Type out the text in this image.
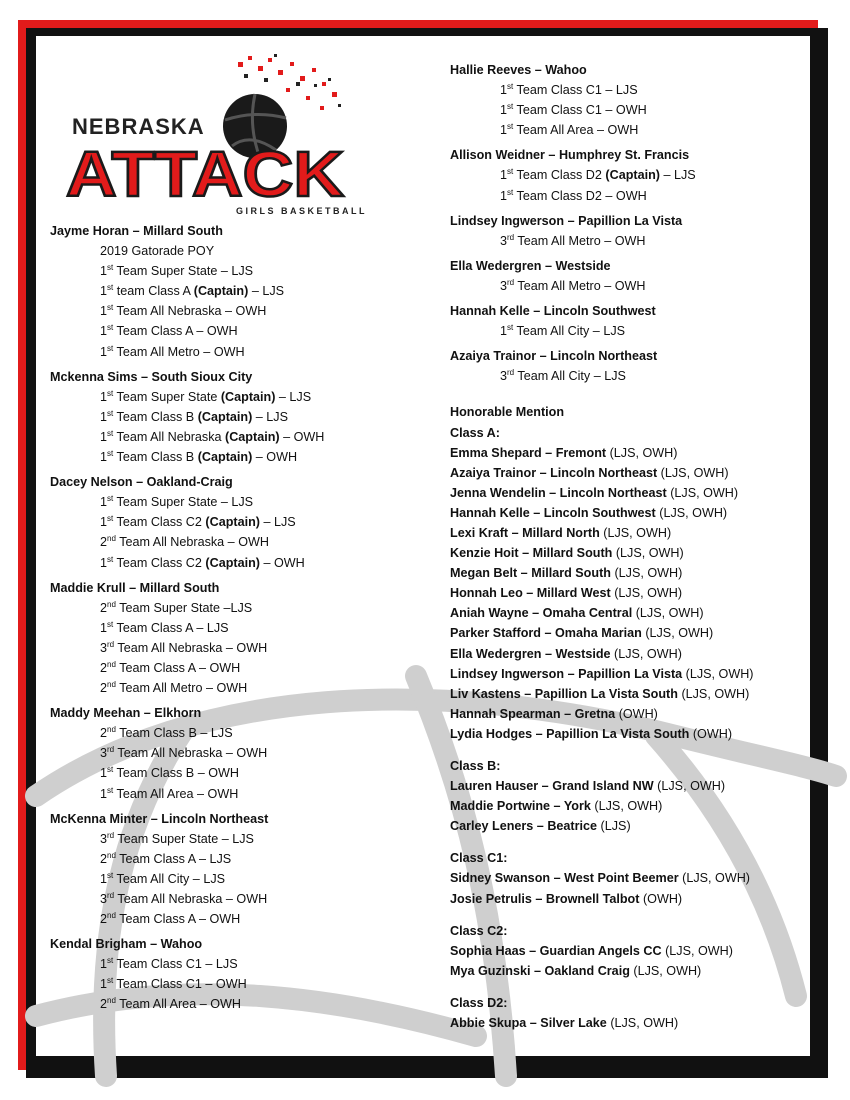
NEBRASKA
ATTACK
GIRLS BASKETBALL
Jayme Horan – Millard South
2019 Gatorade POY
1st Team Super State – LJS
1st team Class A (Captain) – LJS
1st Team All Nebraska – OWH
1st Team Class A – OWH
1st Team All Metro – OWH
Mckenna Sims – South Sioux City
1st Team Super State (Captain) – LJS
1st Team Class B (Captain) – LJS
1st Team All Nebraska (Captain) – OWH
1st Team Class B (Captain) – OWH
Dacey Nelson – Oakland-Craig
1st Team Super State – LJS
1st Team Class C2 (Captain) – LJS
2nd Team All Nebraska – OWH
1st Team Class C2 (Captain) – OWH
Maddie Krull – Millard South
2nd Team Super State –LJS
1st Team Class A – LJS
3rd Team All Nebraska – OWH
2nd Team Class A – OWH
2nd Team All Metro – OWH
Maddy Meehan – Elkhorn
2nd Team Class B – LJS
3rd Team All Nebraska – OWH
1st Team Class B – OWH
1st Team All Area – OWH
McKenna Minter – Lincoln Northeast
3rd Team Super State – LJS
2nd Team Class A – LJS
1st Team All City – LJS
3rd Team All Nebraska – OWH
2nd Team Class A – OWH
Kendal Brigham – Wahoo
1st Team Class C1 – LJS
1st Team Class C1 – OWH
2nd Team All Area – OWH
Hallie Reeves – Wahoo
1st Team Class C1 – LJS
1st Team Class C1 – OWH
1st Team All Area – OWH
Allison Weidner – Humphrey St. Francis
1st Team Class D2 (Captain) – LJS
1st Team Class D2 – OWH
Lindsey Ingwerson – Papillion La Vista
3rd Team All Metro – OWH
Ella Wedergren – Westside
3rd Team All Metro – OWH
Hannah Kelle – Lincoln Southwest
1st Team All City – LJS
Azaiya Trainor – Lincoln Northeast
3rd Team All City – LJS
Honorable Mention
Class A:
Emma Shepard – Fremont (LJS, OWH)
Azaiya Trainor – Lincoln Northeast (LJS, OWH)
Jenna Wendelin – Lincoln Northeast (LJS, OWH)
Hannah Kelle – Lincoln Southwest (LJS, OWH)
Lexi Kraft – Millard North (LJS, OWH)
Kenzie Hoit – Millard South (LJS, OWH)
Megan Belt – Millard South (LJS, OWH)
Honnah Leo – Millard West (LJS, OWH)
Aniah Wayne – Omaha Central (LJS, OWH)
Parker Stafford – Omaha Marian (LJS, OWH)
Ella Wedergren – Westside (LJS, OWH)
Lindsey Ingwerson – Papillion La Vista (LJS, OWH)
Liv Kastens – Papillion La Vista South (LJS, OWH)
Hannah Spearman – Gretna (OWH)
Lydia Hodges – Papillion La Vista South (OWH)
Class B:
Lauren Hauser – Grand Island NW (LJS, OWH)
Maddie Portwine – York (LJS, OWH)
Carley Leners – Beatrice (LJS)
Class C1:
Sidney Swanson – West Point Beemer (LJS, OWH)
Josie Petrulis – Brownell Talbot (OWH)
Class C2:
Sophia Haas – Guardian Angels CC (LJS, OWH)
Mya Guzinski – Oakland Craig (LJS, OWH)
Class D2:
Abbie Skupa – Silver Lake (LJS, OWH)
